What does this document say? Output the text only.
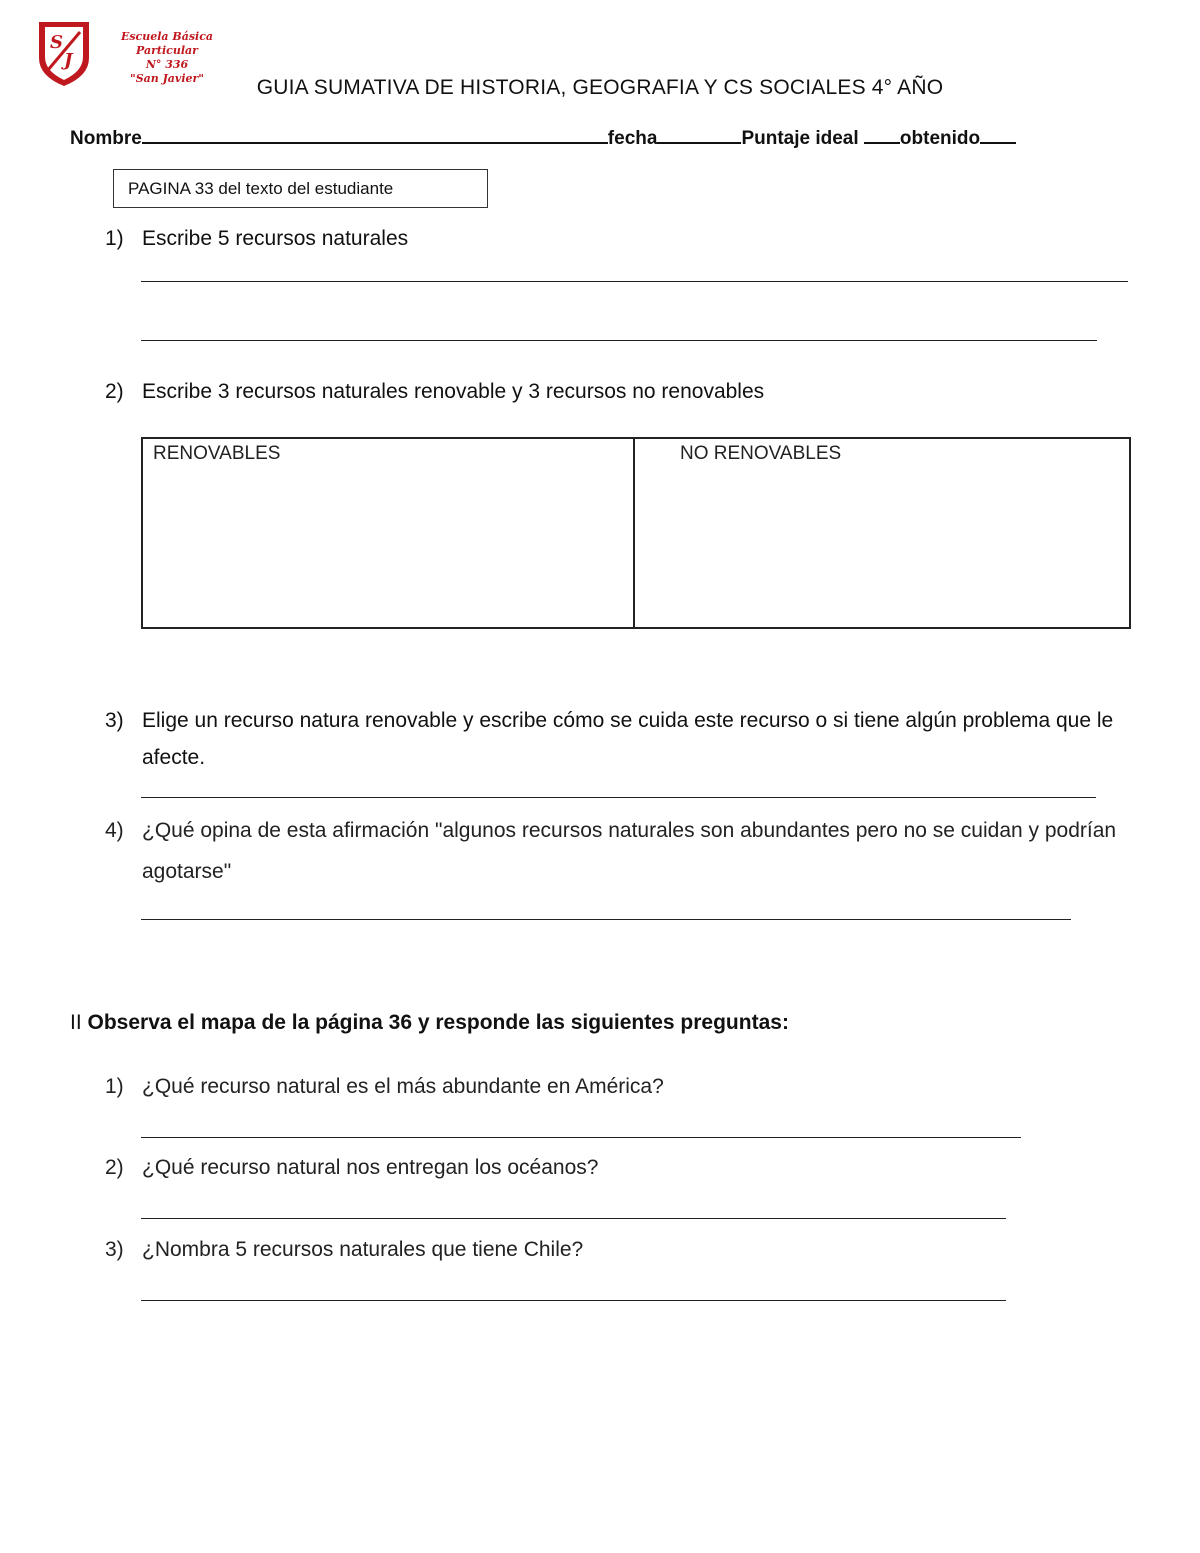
S
J
Escuela Básica Particular
N° 336
"San Javier"	GUIA SUMATIVA DE HISTORIA, GEOGRAFIA Y CS SOCIALES 4° AÑO
Nombre	fecha	Puntaje ideal obtenido
PAGINA 33 del texto del estudiante
1) Escribe 5 recursos naturales
2) Escribe 3 recursos naturales renovable y 3 recursos no renovables
RENOVABLES	NO RENOVABLES
3) Elige un recurso natura renovable y escribe cómo se cuida este recurso o si tiene algún problema que le afecte.
4) ¿Qué opina de esta afirmación "algunos recursos naturales son abundantes pero no se cuidan y podrían agotarse"
II Observa el mapa de la página 36 y responde las siguientes preguntas:
1) ¿Qué recurso natural es el más abundante en América?
2) ¿Qué recurso natural nos entregan los océanos?
3) ¿Nombra 5 recursos naturales que tiene Chile?
